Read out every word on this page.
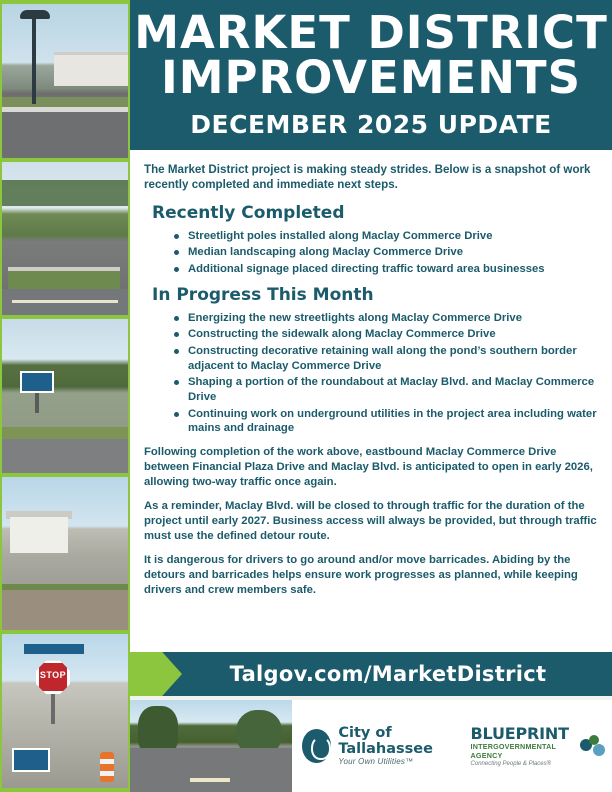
STOP
MARKET DISTRICT
IMPROVEMENTS
DECEMBER 2025 UPDATE

The Market District project is making steady strides. Below is a snapshot of work recently completed and immediate next steps.

Recently Completed
Streetlight poles installed along Maclay Commerce Drive
Median landscaping along Maclay Commerce Drive
Additional signage placed directing traffic toward area businesses
In Progress This Month
Energizing the new streetlights along Maclay Commerce Drive
Constructing the sidewalk along Maclay Commerce Drive
Constructing decorative retaining wall along the pond’s southern border adjacent to Maclay Commerce Drive
Shaping a portion of the roundabout at Maclay Blvd. and Maclay Commerce Drive
Continuing work on underground utilities in the project area including water mains and drainage

Following completion of the work above, eastbound Maclay Commerce Drive between Financial Plaza Drive and Maclay Blvd. is anticipated to open in early 2026, allowing two-way traffic once again.

As a reminder, Maclay Blvd. will be closed to through traffic for the duration of the project until early 2027. Business access will always be provided, but through traffic must use the defined detour route.

It is dangerous for drivers to go around and/or move barricades. Abiding by the detours and barricades helps ensure work progresses as planned, while keeping drivers and crew members safe.

Talgov.com/MarketDistrict
City of Tallahassee
Your Own Utilities™
BLUEPRINT
INTERGOVERNMENTAL AGENCY
Connecting People & Places®
